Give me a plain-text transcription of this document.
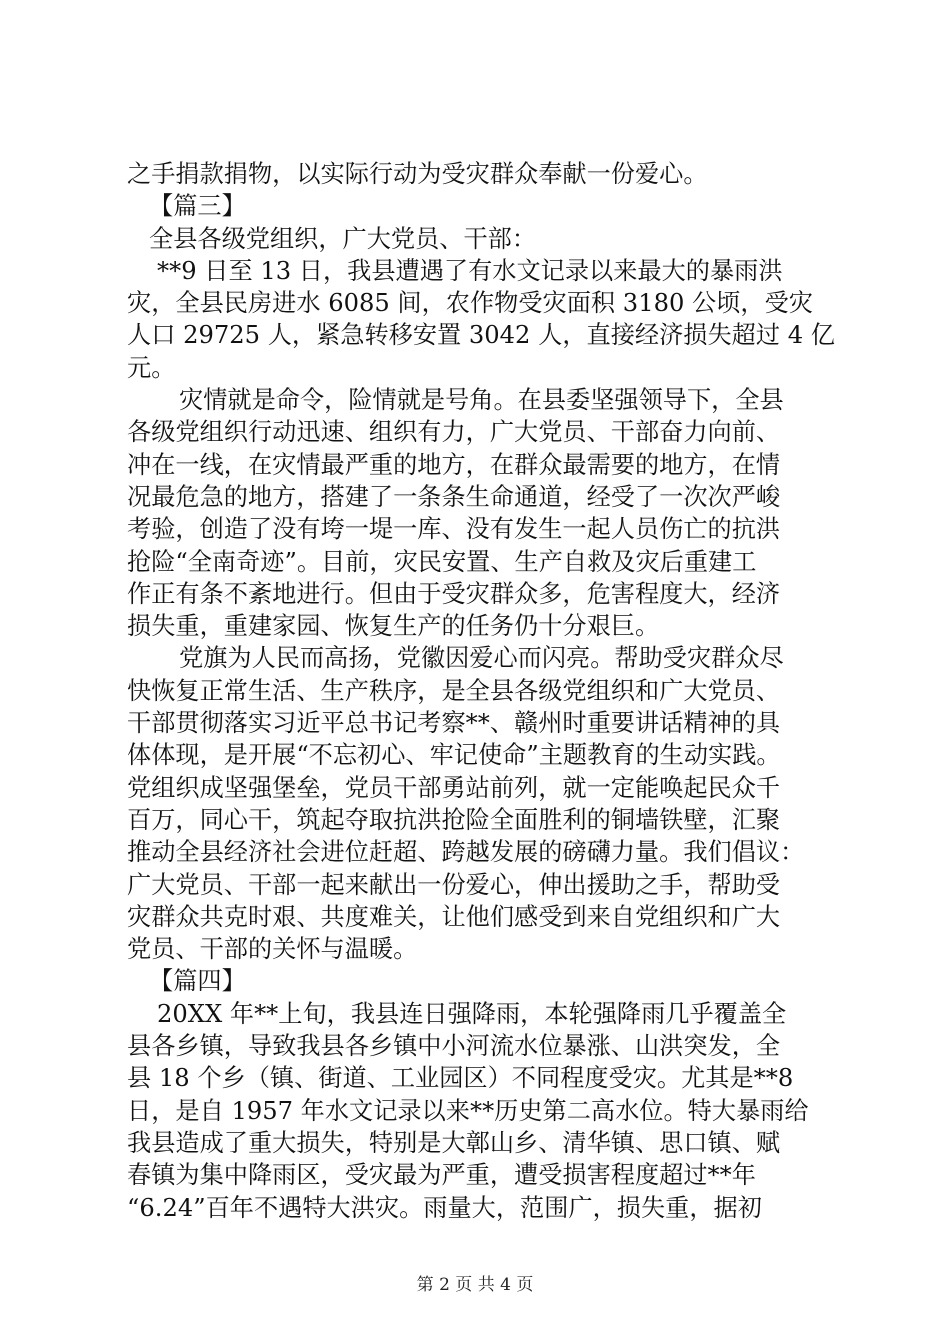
之手捐款捐物，以实际行动为受灾群众奉献一份爱心。
【篇三】
全县各级党组织，广大党员、干部：
**9 日至 13 日，我县遭遇了有水文记录以来最大的暴雨洪
灾，全县民房进水 6085 间，农作物受灾面积 3180 公顷，受灾
人口 29725 人，紧急转移安置 3042 人，直接经济损失超过 4 亿
元。
灾情就是命令，险情就是号角。在县委坚强领导下，全县
各级党组织行动迅速、组织有力，广大党员、干部奋力向前、
冲在一线，在灾情最严重的地方，在群众最需要的地方，在情
况最危急的地方，搭建了一条条生命通道，经受了一次次严峻
考验，创造了没有垮一堤一库、没有发生一起人员伤亡的抗洪
抢险“全南奇迹”。目前，灾民安置、生产自救及灾后重建工
作正有条不紊地进行。但由于受灾群众多，危害程度大，经济
损失重，重建家园、恢复生产的任务仍十分艰巨。
党旗为人民而高扬，党徽因爱心而闪亮。帮助受灾群众尽
快恢复正常生活、生产秩序，是全县各级党组织和广大党员、
干部贯彻落实习近平总书记考察**、赣州时重要讲话精神的具
体体现，是开展“不忘初心、牢记使命”主题教育的生动实践。
党组织成坚强堡垒，党员干部勇站前列，就一定能唤起民众千
百万，同心干，筑起夺取抗洪抢险全面胜利的铜墙铁壁，汇聚
推动全县经济社会进位赶超、跨越发展的磅礴力量。我们倡议：
广大党员、干部一起来献出一份爱心，伸出援助之手，帮助受
灾群众共克时艰、共度难关，让他们感受到来自党组织和广大
党员、干部的关怀与温暖。
【篇四】
20XX 年**上旬，我县连日强降雨，本轮强降雨几乎覆盖全
县各乡镇，导致我县各乡镇中小河流水位暴涨、山洪突发，全
县 18 个乡（镇、街道、工业园区）不同程度受灾。尤其是**8
日，是自 1957 年水文记录以来**历史第二高水位。特大暴雨给
我县造成了重大损失，特别是大鄣山乡、清华镇、思口镇、赋
春镇为集中降雨区，受灾最为严重，遭受损害程度超过**年
“6.24”百年不遇特大洪灾。雨量大，范围广，损失重，据初
第 2 页 共 4 页
